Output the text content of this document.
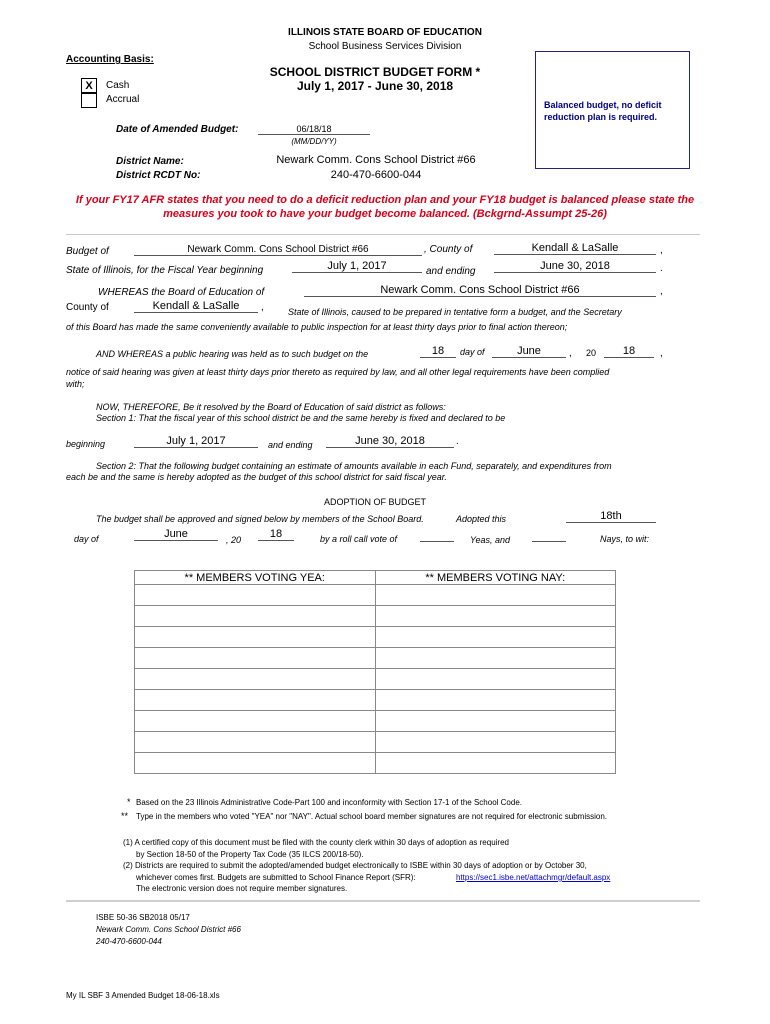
ILLINOIS STATE BOARD OF EDUCATION
School Business Services Division
Accounting Basis:
X	Cash
Accrual
SCHOOL DISTRICT BUDGET FORM *
July 1, 2017 - June 30, 2018
Balanced budget, no deficit reduction plan is required.
Date of Amended Budget:	06/18/18
(MM/DD/YY)
District Name:	Newark Comm. Cons School District #66
District RCDT No:	240-470-6600-044
If your FY17 AFR states that you need to do a deficit reduction plan and your FY18 budget is balanced please state the
measures you took to have your budget become balanced. (Bckgrnd-Assumpt 25-26)
Budget of	Newark Comm. Cons School District #66	, County of	Kendall & LaSalle	,
State of Illinois, for the Fiscal Year beginning	July 1, 2017	and ending	June 30, 2018	.
WHEREAS the Board of Education of	Newark Comm. Cons School District #66	,
County of	Kendall & LaSalle	,	State of Illinois, caused to be prepared in tentative form a budget, and the Secretary
of this Board has made the same conveniently available to public inspection for at least thirty days prior to final action thereon;
AND WHEREAS a public hearing was held as to such budget on the	18	day of	June	, 20	18	,
notice of said hearing was given at least thirty days prior thereto as required by law, and all other legal requirements have been complied
with;
NOW, THEREFORE, Be it resolved by the Board of Education of said district as follows:
Section 1: That the fiscal year of this school district be and the same hereby is fixed and declared to be
beginning	July 1, 2017	and ending	June 30, 2018	.
Section 2: That the following budget containing an estimate of amounts available in each Fund, separately, and expenditures from
each be and the same is hereby adopted as the budget of this school district for said fiscal year.
ADOPTION OF BUDGET
The budget shall be approved and signed below by members of the School Board.	Adopted this	18th
day of	June	, 20	18	by a roll call vote of	Yeas, and	Nays, to wit:
** MEMBERS VOTING YEA:	** MEMBERS VOTING NAY:

* Based on the 23 Illinois Administrative Code-Part 100 and inconformity with Section 17-1 of the School Code.
** Type in the members who voted "YEA" nor "NAY". Actual school board member signatures are not required for electronic submission.
(1) A certified copy of this document must be filed with the county clerk within 30 days of adoption as required
by Section 18-50 of the Property Tax Code (35 ILCS 200/18-50).
(2) Districts are required to submit the adopted/amended budget electronically to ISBE within 30 days of adoption or by October 30,
whichever comes first. Budgets are submitted to School Finance Report (SFR):	https://sec1.isbe.net/attachmgr/default.aspx
The electronic version does not require member signatures.
ISBE 50-36 SB2018 05/17
Newark Comm. Cons School District #66
240-470-6600-044
My IL SBF 3 Amended Budget 18-06-18.xls
